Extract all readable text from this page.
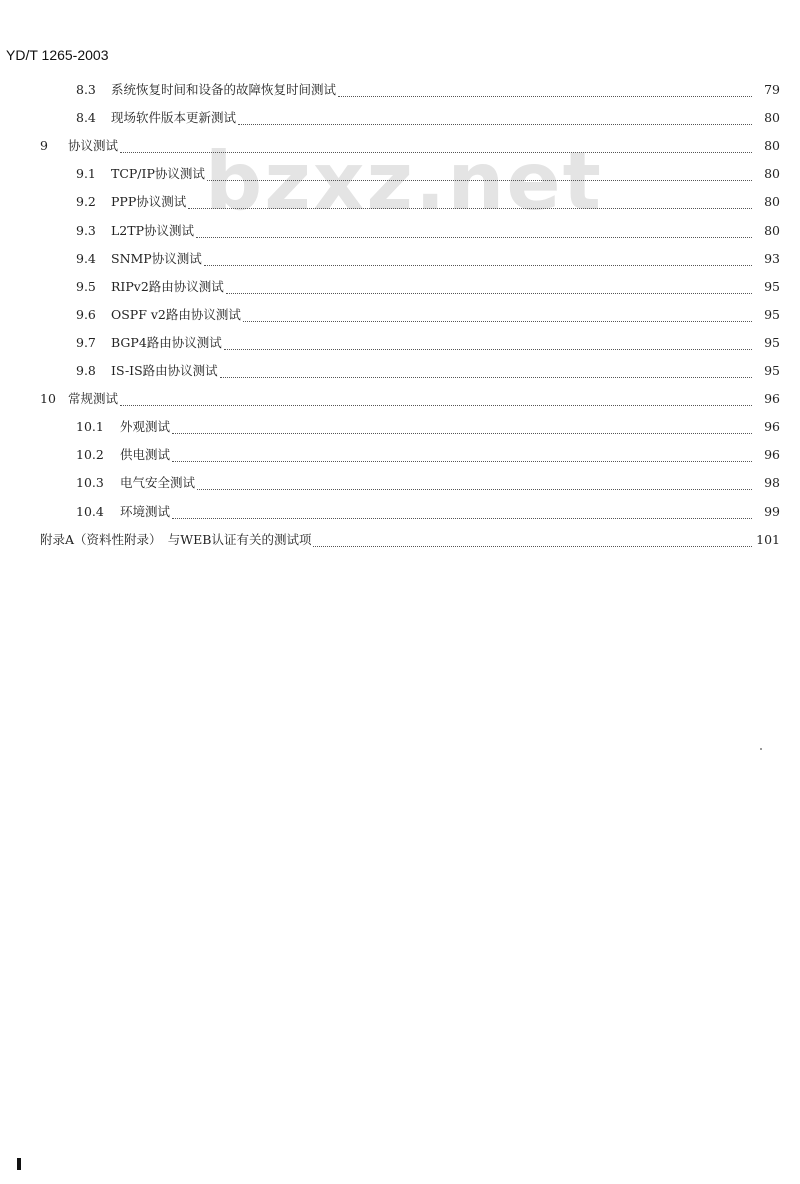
bzxz.net
YD/T 1265-2003
8.3	系统恢复时间和设备的故障恢复时间测试	79
8.4	现场软件版本更新测试	80
9	协议测试	80
9.1	TCP/IP协议测试	80
9.2	PPP协议测试	80
9.3	L2TP协议测试	80
9.4	SNMP协议测试	93
9.5	RIPv2路由协议测试	95
9.6	OSPF v2路由协议测试	95
9.7	BGP4路由协议测试	95
9.8	IS-IS路由协议测试	95
10 常规测试	96
10.1	外观测试	96
10.2	供电测试	96
10.3	电气安全测试	98
10.4	环境测试	99
附录A （资料性附录）　与WEB认证有关的测试项	101
